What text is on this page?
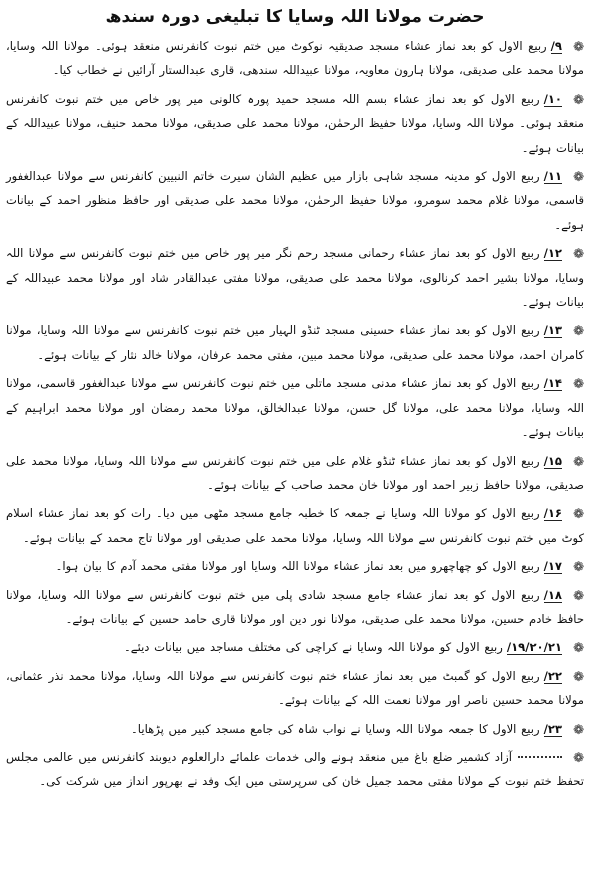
حضرت مولانا اللہ وسایا کا تبلیغی دورہ سندھ
❁۹/ربیع الاول کو بعد نماز عشاء مسجد صدیقیہ نوکوٹ میں ختم نبوت کانفرنس منعقد ہوئی۔ مولانا اللہ وسایا، مولانا محمد علی صدیقی، مولانا ہارون معاویہ، مولانا عبیداللہ سندھی، قاری عبدالستار آرائیں نے خطاب کیا۔
❁۱۰/ربیع الاول کو بعد نماز عشاء بسم اللہ مسجد حمید پورہ کالونی میر پور خاص میں ختم نبوت کانفرنس منعقد ہوئی۔ مولانا اللہ وسایا، مولانا حفیظ الرحمٰن، مولانا محمد علی صدیقی، مولانا محمد حنیف، مولانا عبیداللہ کے بیانات ہوئے۔
❁۱۱/ربیع الاول کو مدینہ مسجد شاہی بازار میں عظیم الشان سیرت خاتم النبیین کانفرنس سے مولانا عبدالغفور قاسمی، مولانا غلام محمد سومرو، مولانا حفیظ الرحمٰن، مولانا محمد علی صدیقی اور حافظ منظور احمد کے بیانات ہوئے۔
❁۱۲/ربیع الاول کو بعد نماز عشاء رحمانی مسجد رحم نگر میر پور خاص میں ختم نبوت کانفرنس سے مولانا اللہ وسایا، مولانا بشیر احمد کرنالوی، مولانا محمد علی صدیقی، مولانا مفتی عبدالقادر شاد اور مولانا محمد عبیداللہ کے بیانات ہوئے۔
❁۱۳/ربیع الاول کو بعد نماز عشاء حسینی مسجد ٹنڈو الہیار میں ختم نبوت کانفرنس سے مولانا اللہ وسایا، مولانا کامران احمد، مولانا محمد علی صدیقی، مولانا محمد مبین، مفتی محمد عرفان، مولانا خالد نثار کے بیانات ہوئے۔
❁۱۴/ربیع الاول کو بعد نماز عشاء مدنی مسجد ماتلی میں ختم نبوت کانفرنس سے مولانا عبدالغفور قاسمی، مولانا اللہ وسایا، مولانا محمد علی، مولانا گل حسن، مولانا عبدالخالق، مولانا محمد رمضان اور مولانا محمد ابراہیم کے بیانات ہوئے۔
❁۱۵/ربیع الاول کو بعد نماز عشاء ٹنڈو غلام علی میں ختم نبوت کانفرنس سے مولانا اللہ وسایا، مولانا محمد علی صدیقی، مولانا حافظ زبیر احمد اور مولانا خان محمد صاحب کے بیانات ہوئے۔
❁۱۶/ربیع الاول کو مولانا اللہ وسایا نے جمعہ کا خطبہ جامع مسجد مٹھی میں دیا۔ رات کو بعد نماز عشاء اسلام کوٹ میں ختم نبوت کانفرنس سے مولانا اللہ وسایا، مولانا محمد علی صدیقی اور مولانا تاج محمد کے بیانات ہوئے۔
❁۱۷/ربیع الاول کو چھاچھرو میں بعد نماز عشاء مولانا اللہ وسایا اور مولانا مفتی محمد آدم کا بیان ہوا۔
❁۱۸/ربیع الاول کو بعد نماز عشاء جامع مسجد شادی پلی میں ختم نبوت کانفرنس سے مولانا اللہ وسایا، مولانا حافظ خادم حسین، مولانا محمد علی صدیقی، مولانا نور دین اور مولانا قاری حامد حسین کے بیانات ہوئے۔
❁۱۹/۲۰/۲۱/ربیع الاول کو مولانا اللہ وسایا نے کراچی کی مختلف مساجد میں بیانات دیئے۔
❁۲۲/ربیع الاول کو گمبٹ میں بعد نماز عشاء ختم نبوت کانفرنس سے مولانا اللہ وسایا، مولانا محمد نذر عثمانی، مولانا محمد حسین ناصر اور مولانا نعمت اللہ کے بیانات ہوئے۔
❁۲۳/ربیع الاول کا جمعہ مولانا اللہ وسایا نے نواب شاہ کی جامع مسجد کبیر میں پڑھایا۔
❁آزاد کشمیر ضلع باغ میں منعقد ہونے والی خدمات علمائے دارالعلوم دیوبند کانفرنس میں عالمی مجلس تحفظ ختم نبوت کے مولانا مفتی محمد جمیل خان کی سرپرستی میں ایک وفد نے بھرپور انداز میں شرکت کی۔
